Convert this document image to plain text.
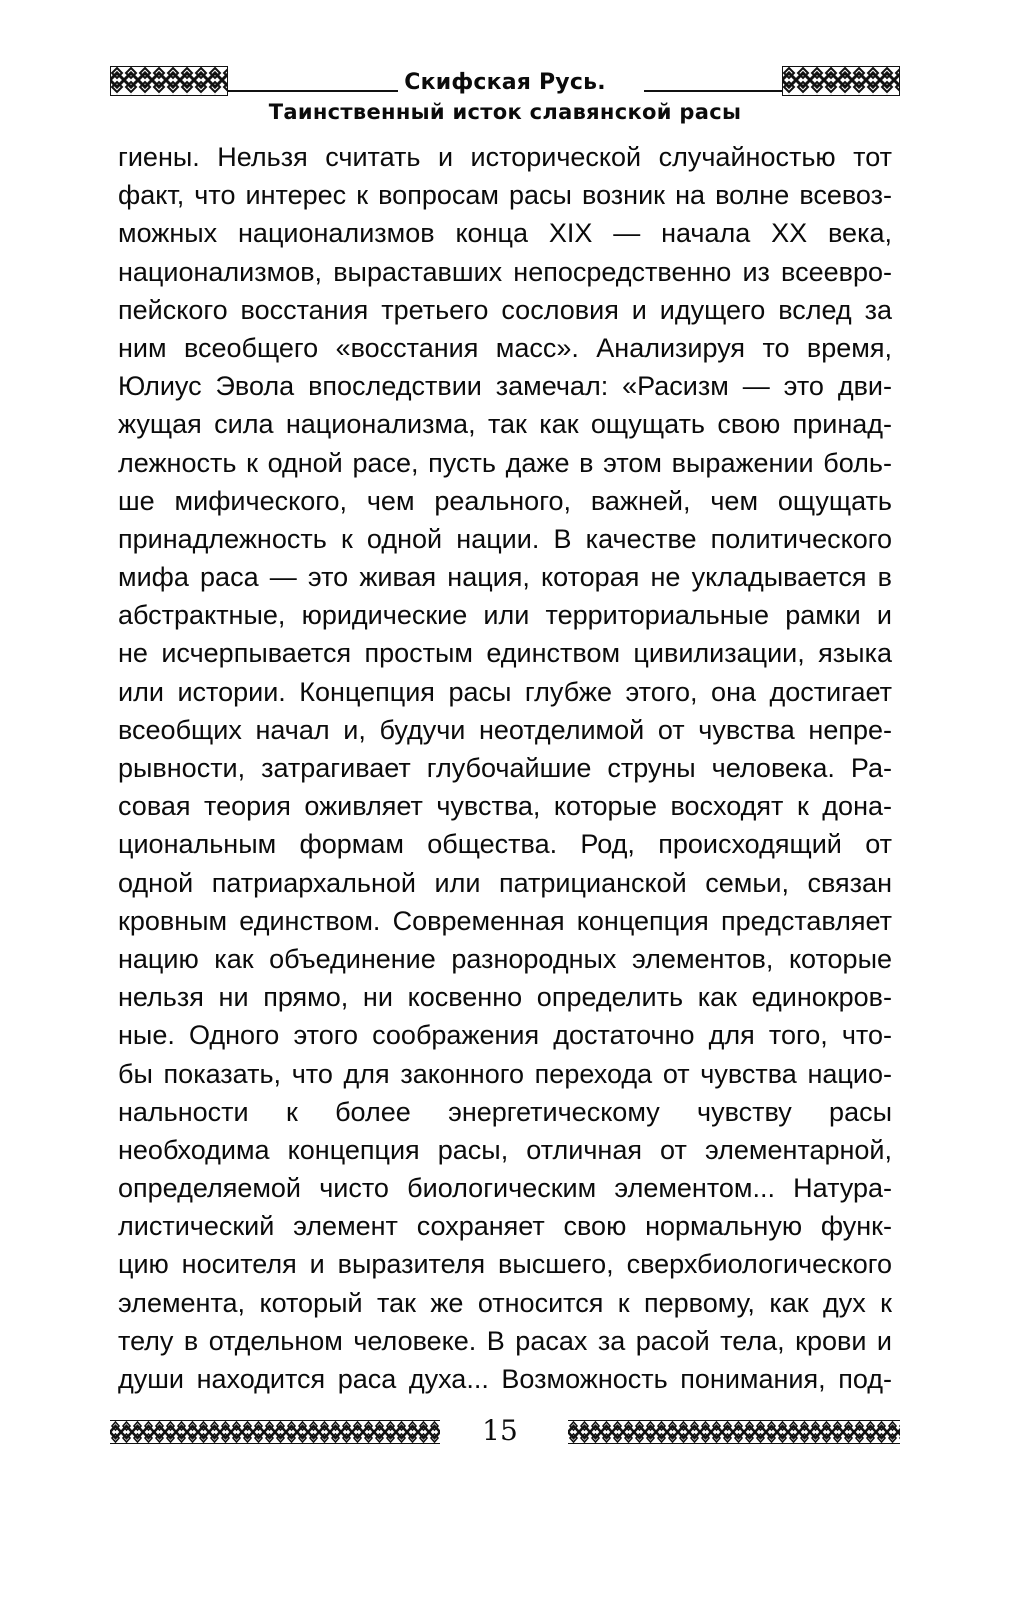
Скифская Русь.
Таинственный исток славянской расы
гиены. Нельзя считать и исторической случайностью тот
факт, что интерес к вопросам расы возник на волне всевоз-
можных национализмов конца XIX — начала XX века,
национализмов, выраставших непосредственно из всеевро-
пейского восстания третьего сословия и идущего вслед за
ним всеобщего «восстания масс». Анализируя то время,
Юлиус Эвола впоследствии замечал: «Расизм — это дви-
жущая сила национализма, так как ощущать свою принад-
лежность к одной расе, пусть даже в этом выражении боль-
ше мифического, чем реального, важней, чем ощущать
принадлежность к одной нации. В качестве политического
мифа раса — это живая нация, которая не укладывается в
абстрактные, юридические или территориальные рамки и
не исчерпывается простым единством цивилизации, языка
или истории. Концепция расы глубже этого, она достигает
всеобщих начал и, будучи неотделимой от чувства непре-
рывности, затрагивает глубочайшие струны человека. Ра-
совая теория оживляет чувства, которые восходят к дона-
циональным формам общества. Род, происходящий от
одной патриархальной или патрицианской семьи, связан
кровным единством. Современная концепция представляет
нацию как объединение разнородных элементов, которые
нельзя ни прямо, ни косвенно определить как единокров-
ные. Одного этого соображения достаточно для того, что-
бы показать, что для законного перехода от чувства нацио-
нальности к более энергетическому чувству расы
необходима концепция расы, отличная от элементарной,
определяемой чисто биологическим элементом... Натура-
листический элемент сохраняет свою нормальную функ-
цию носителя и выразителя высшего, сверхбиологического
элемента, который так же относится к первому, как дух к
телу в отдельном человеке. В расах за расой тела, крови и
души находится раса духа... Возможность понимания, под-
15
